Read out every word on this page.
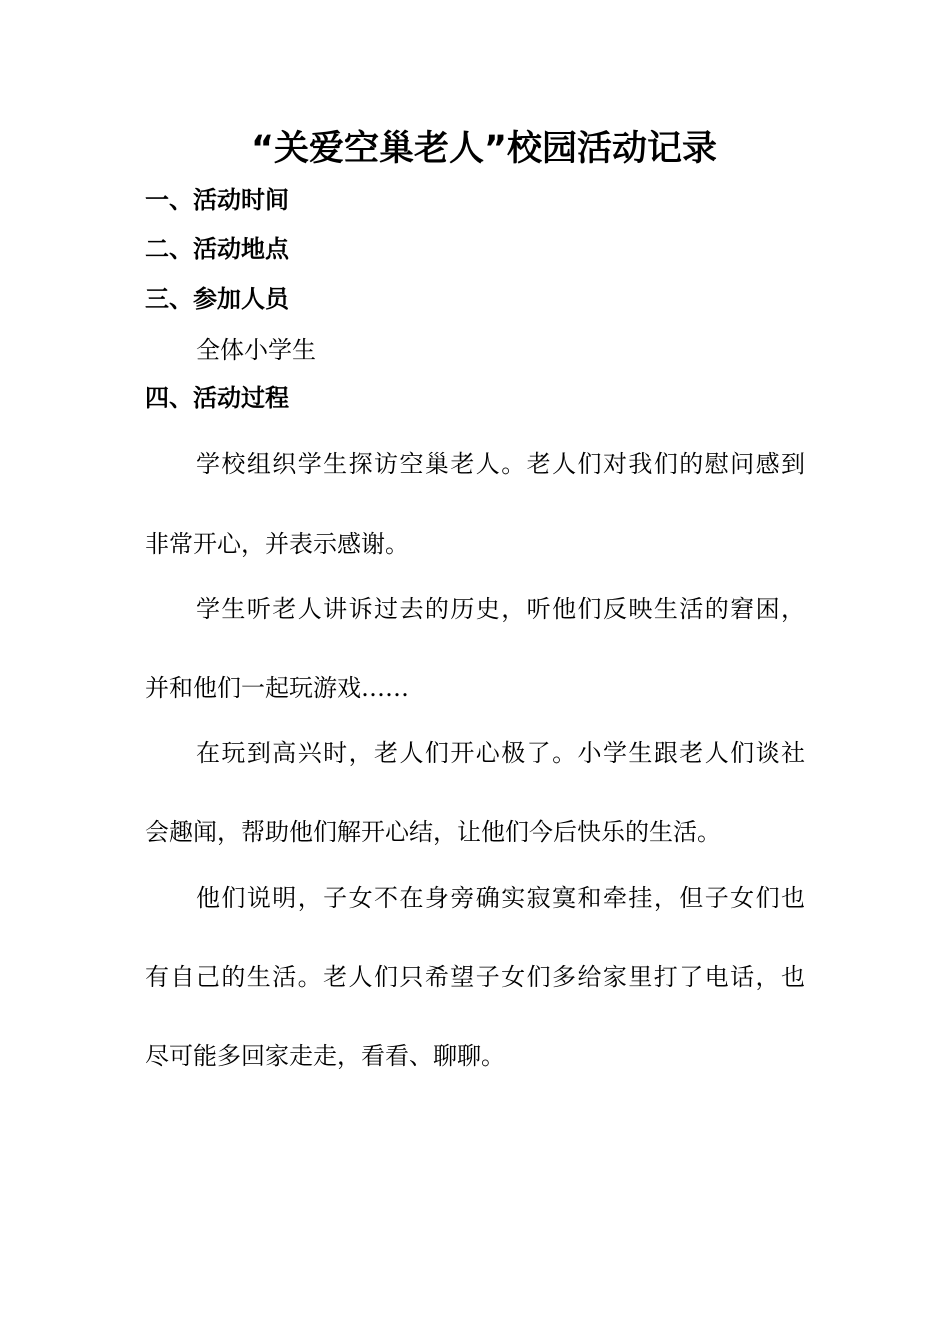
“关爱空巢老人”校园活动记录
一、活动时间
二、活动地点
三、参加人员

全体小学生

四、活动过程

学校组织学生探访空巢老人。老人们对我们的慰问感到

非常开心，并表示感谢。

学生听老人讲诉过去的历史，听他们反映生活的窘困，

并和他们一起玩游戏……

在玩到高兴时，老人们开心极了。小学生跟老人们谈社

会趣闻，帮助他们解开心结，让他们今后快乐的生活。

他们说明，子女不在身旁确实寂寞和牵挂，但子女们也

有自己的生活。老人们只希望子女们多给家里打了电话，也

尽可能多回家走走，看看、聊聊。
